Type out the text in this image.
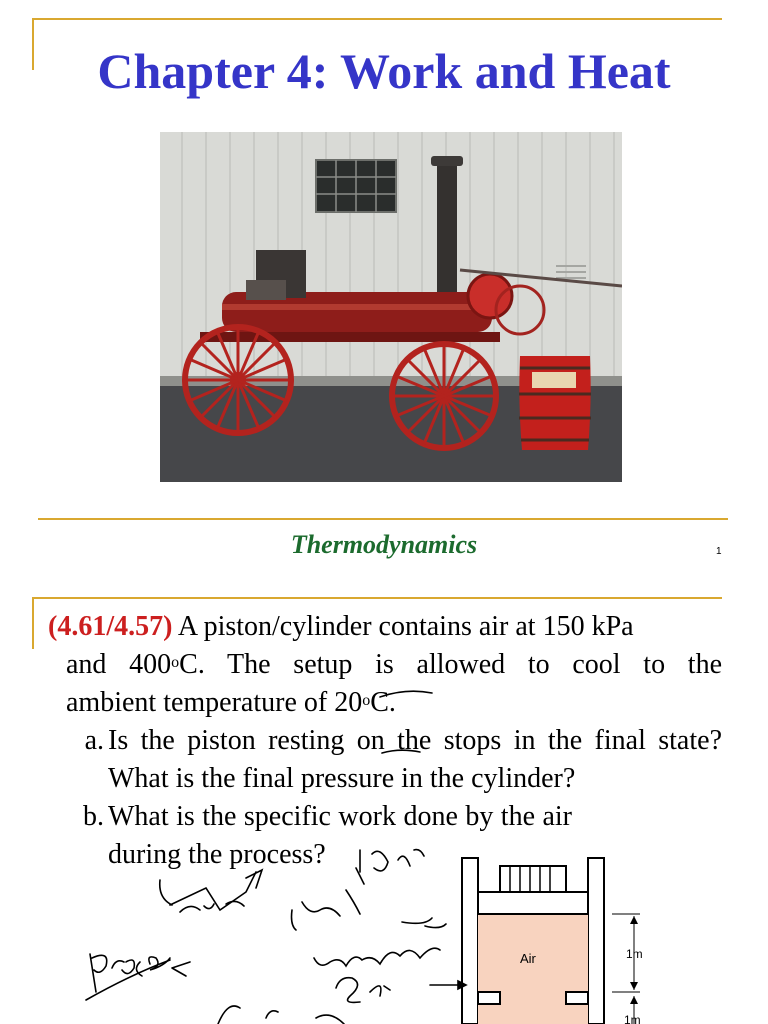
Chapter 4: Work and Heat
Thermodynamics	1

(4.61/4.57) A piston/cylinder contains air at 150 kPa

and 400$^o$C. The setup is allowed to cool to the

ambient temperature of 20$^o$C.

a. Is the piston resting on the stops in the final state? What is the final pressure in the cylinder?
b. What is the specific work done by the air during the process?
Air	1m
1m
